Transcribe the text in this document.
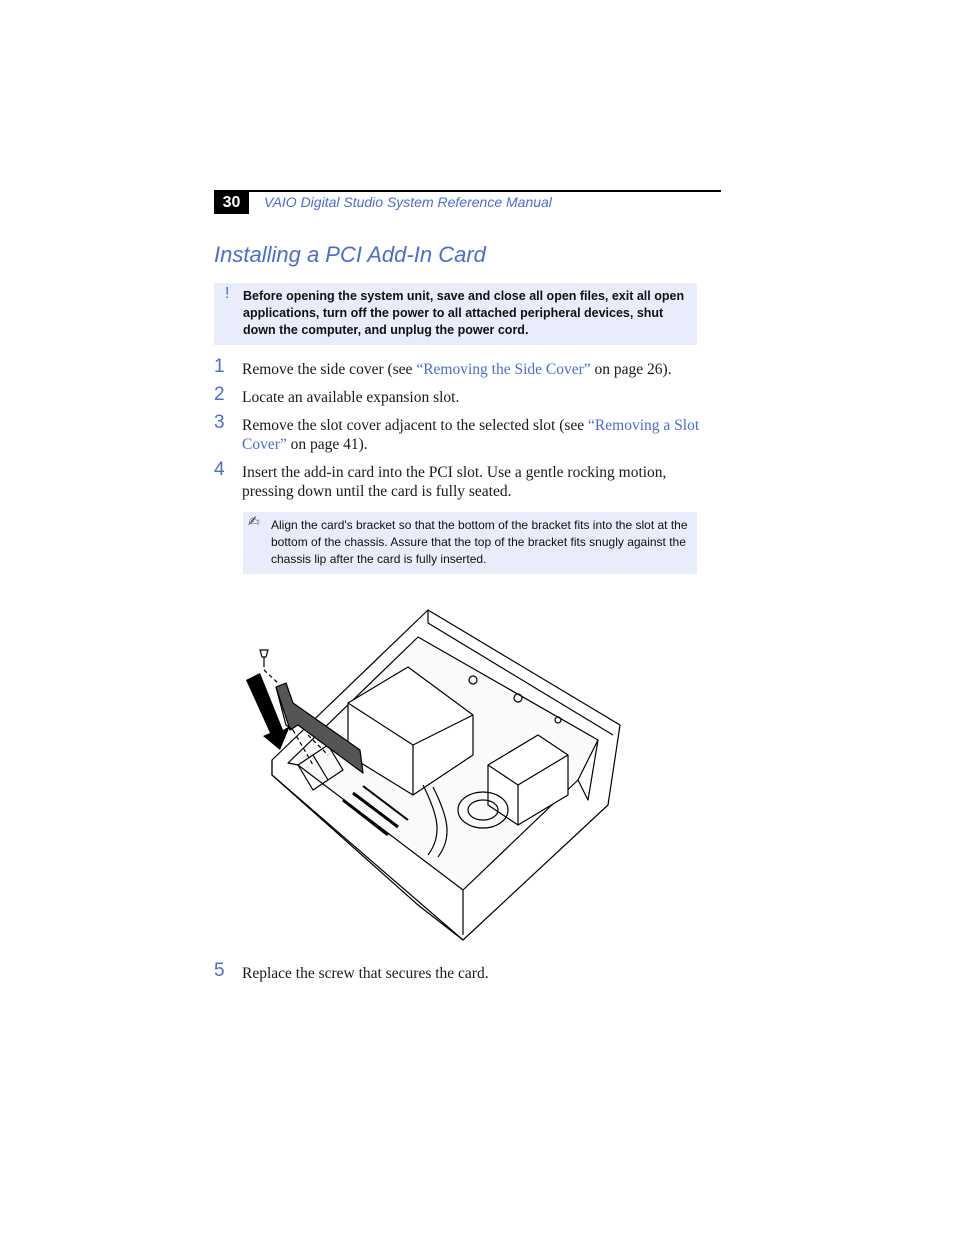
30	VAIO Digital Studio System Reference Manual
Installing a PCI Add-In Card
! Before opening the system unit, save and close all open files, exit all open applications, turn off the power to all attached peripheral devices, shut down the computer, and unplug the power cord.
1 Remove the side cover (see “Removing the Side Cover” on page 26).
2 Locate an available expansion slot.
3 Remove the slot cover adjacent to the selected slot (see “Removing a Slot Cover” on page 41).
4 Insert the add-in card into the PCI slot. Use a gentle rocking motion, pressing down until the card is fully seated.
✍ Align the card's bracket so that the bottom of the bracket fits into the slot at the bottom of the chassis. Assure that the top of the bracket fits snugly against the chassis lip after the card is fully inserted.
5 Replace the screw that secures the card.
